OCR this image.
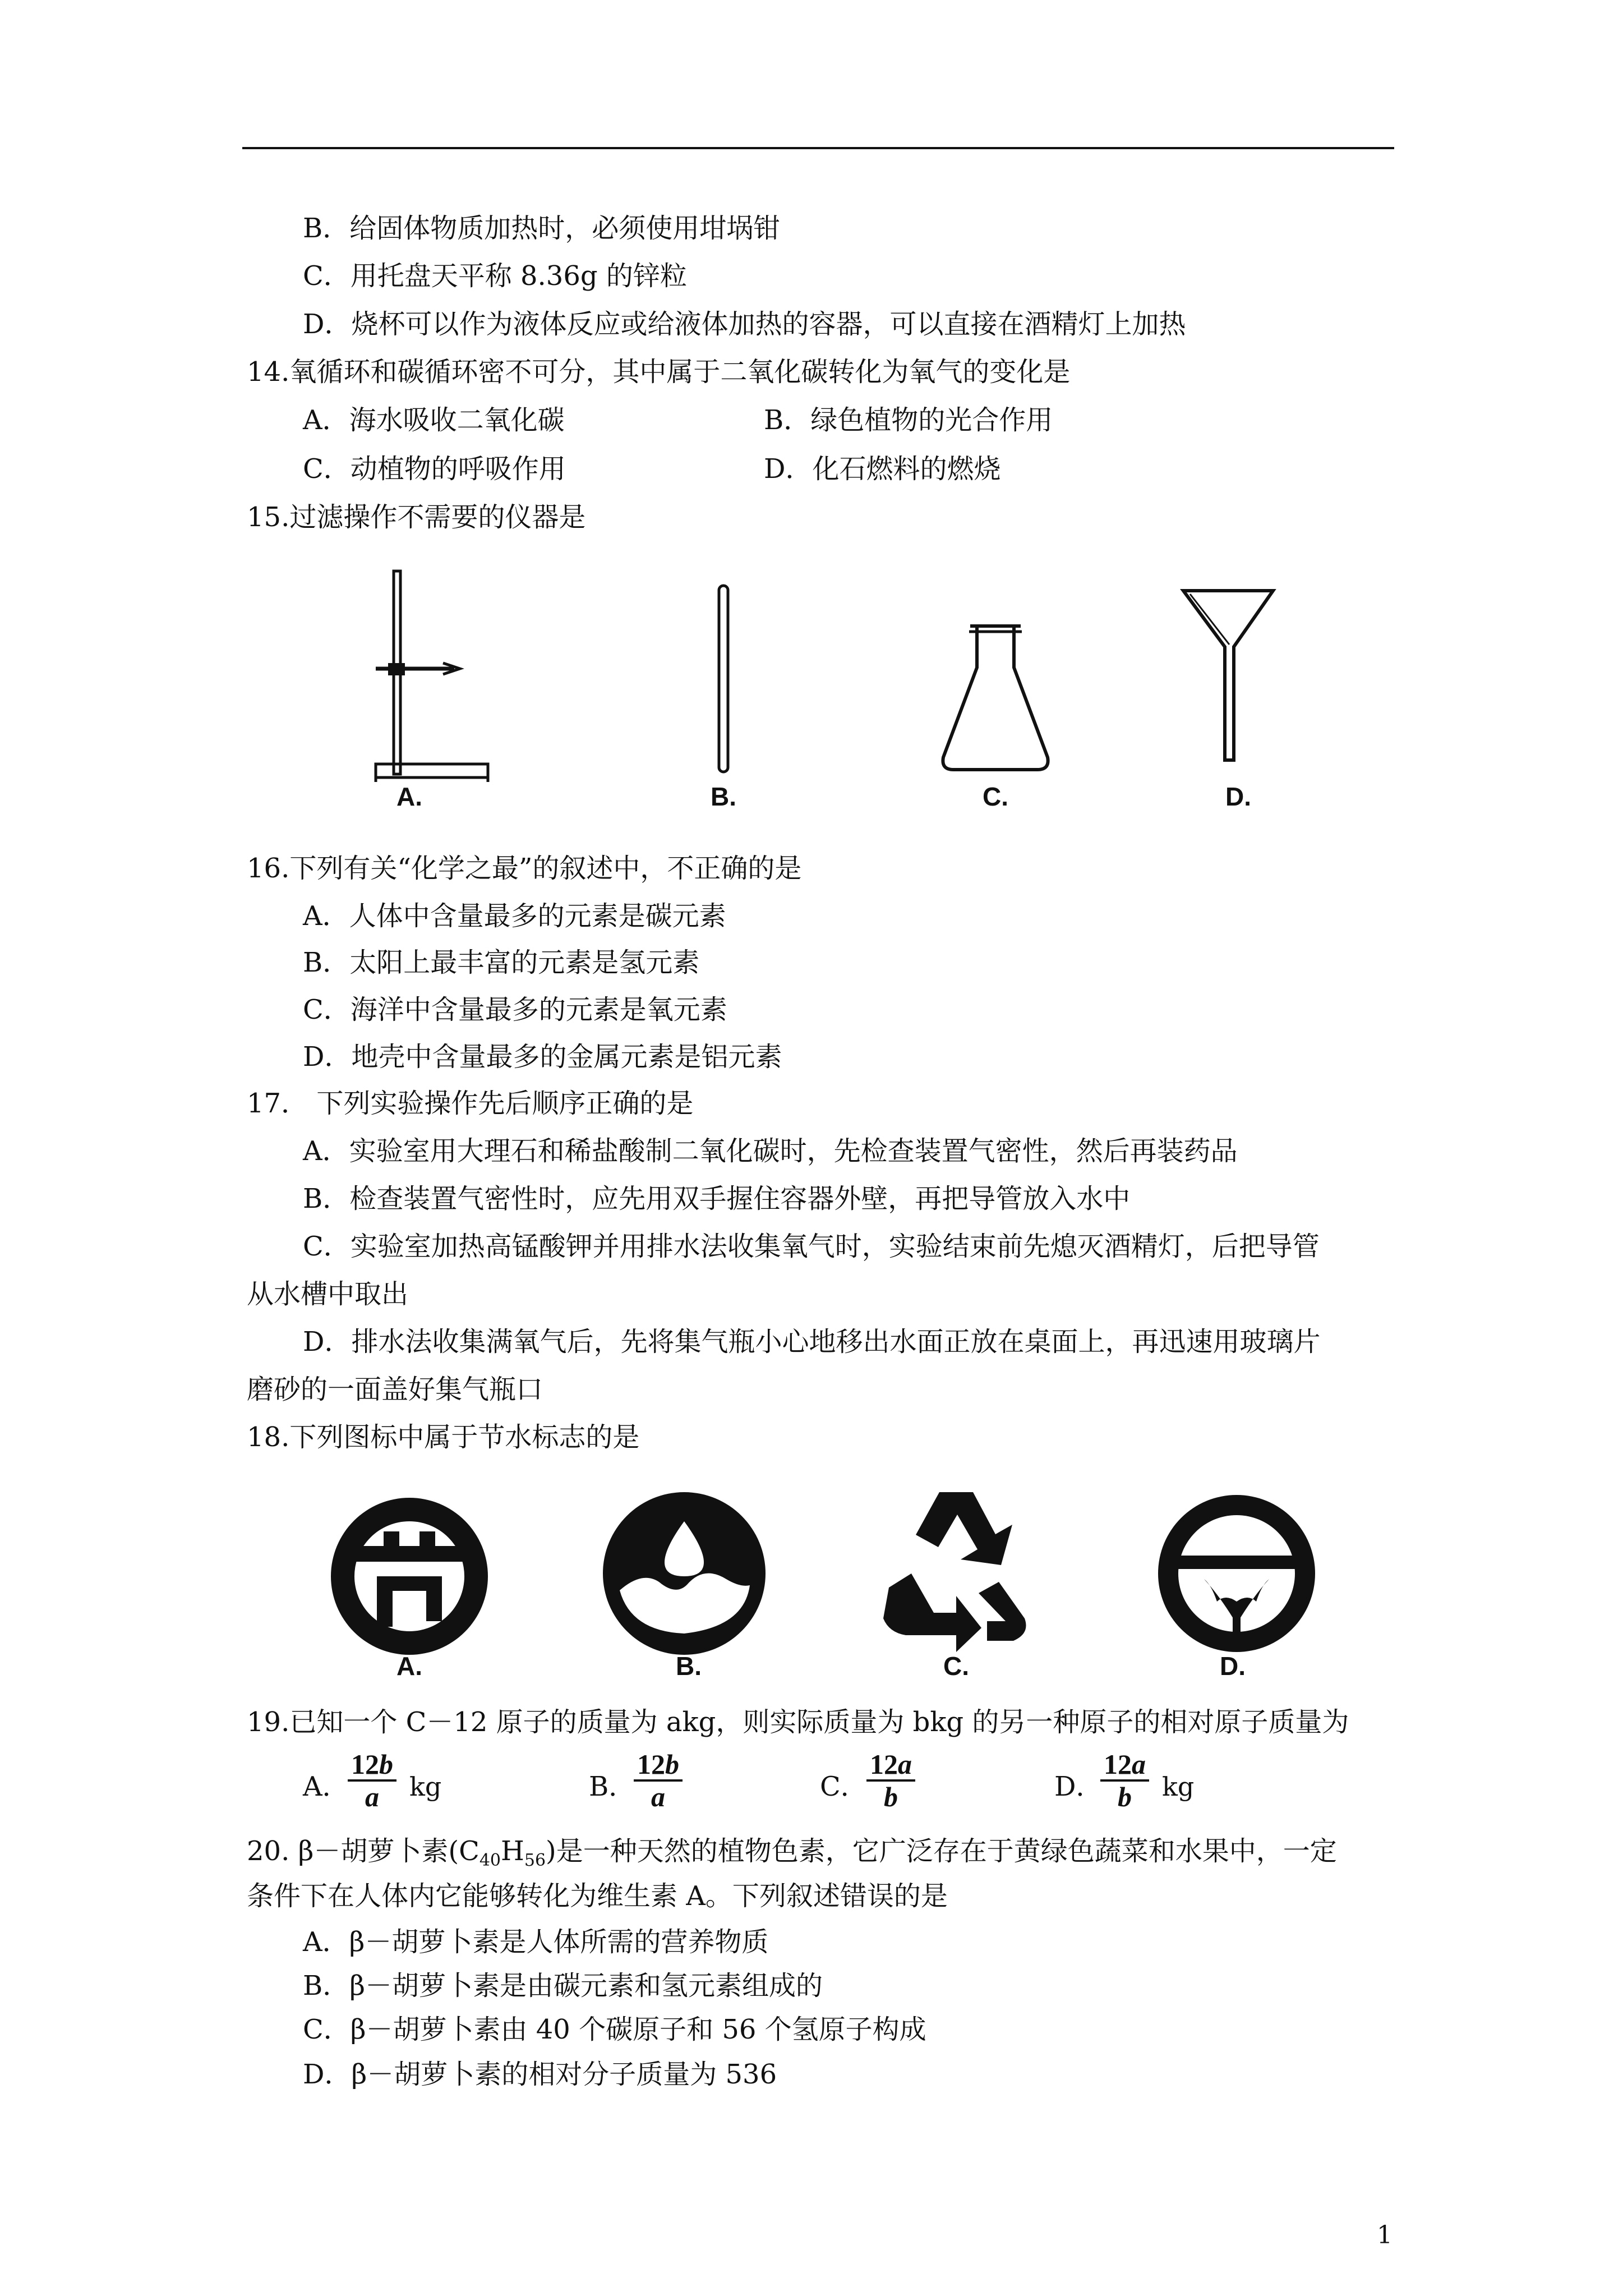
B．给固体物质加热时，必须使用坩埚钳
C．用托盘天平称 8.36g 的锌粒
D．烧杯可以作为液体反应或给液体加热的容器，可以直接在酒精灯上加热
14.氧循环和碳循环密不可分，其中属于二氧化碳转化为氧气的变化是
A．海水吸收二氧化碳	B．绿色植物的光合作用
C．动植物的呼吸作用	D．化石燃料的燃烧
15.过滤操作不需要的仪器是
A.	B.	C.	D.
16.下列有关“化学之最”的叙述中，不正确的是
A．人体中含量最多的元素是碳元素
B．太阳上最丰富的元素是氢元素
C．海洋中含量最多的元素是氧元素
D．地壳中含量最多的金属元素是铝元素
17． 下列实验操作先后顺序正确的是
A．实验室用大理石和稀盐酸制二氧化碳时，先检查装置气密性，然后再装药品
B．检查装置气密性时，应先用双手握住容器外壁，再把导管放入水中
C．实验室加热高锰酸钾并用排水法收集氧气时，实验结束前先熄灭酒精灯，后把导管
从水槽中取出
D．排水法收集满氧气后，先将集气瓶小心地移出水面正放在桌面上，再迅速用玻璃片
磨砂的一面盖好集气瓶口
18.下列图标中属于节水标志的是
A.	B.	C.	D.
19.已知一个 C－12 原子的质量为 akg，则实际质量为 bkg 的另一种原子的相对原子质量为
A．
$\frac{12b}{a}$ kg	B．
$\frac{12b}{a}$	C．
$\frac{12a}{b}$	D．
$\frac{12a}{b}$ kg
20. β－胡萝卜素$(C_{40}H_{56})$是一种天然的植物色素，它广泛存在于黄绿色蔬菜和水果中，一定
条件下在人体内它能够转化为维生素 A。下列叙述错误的是
A．β－胡萝卜素是人体所需的营养物质
B．β－胡萝卜素是由碳元素和氢元素组成的
C．β－胡萝卜素由 40 个碳原子和 56 个氢原子构成
D．β－胡萝卜素的相对分子质量为 536
1
